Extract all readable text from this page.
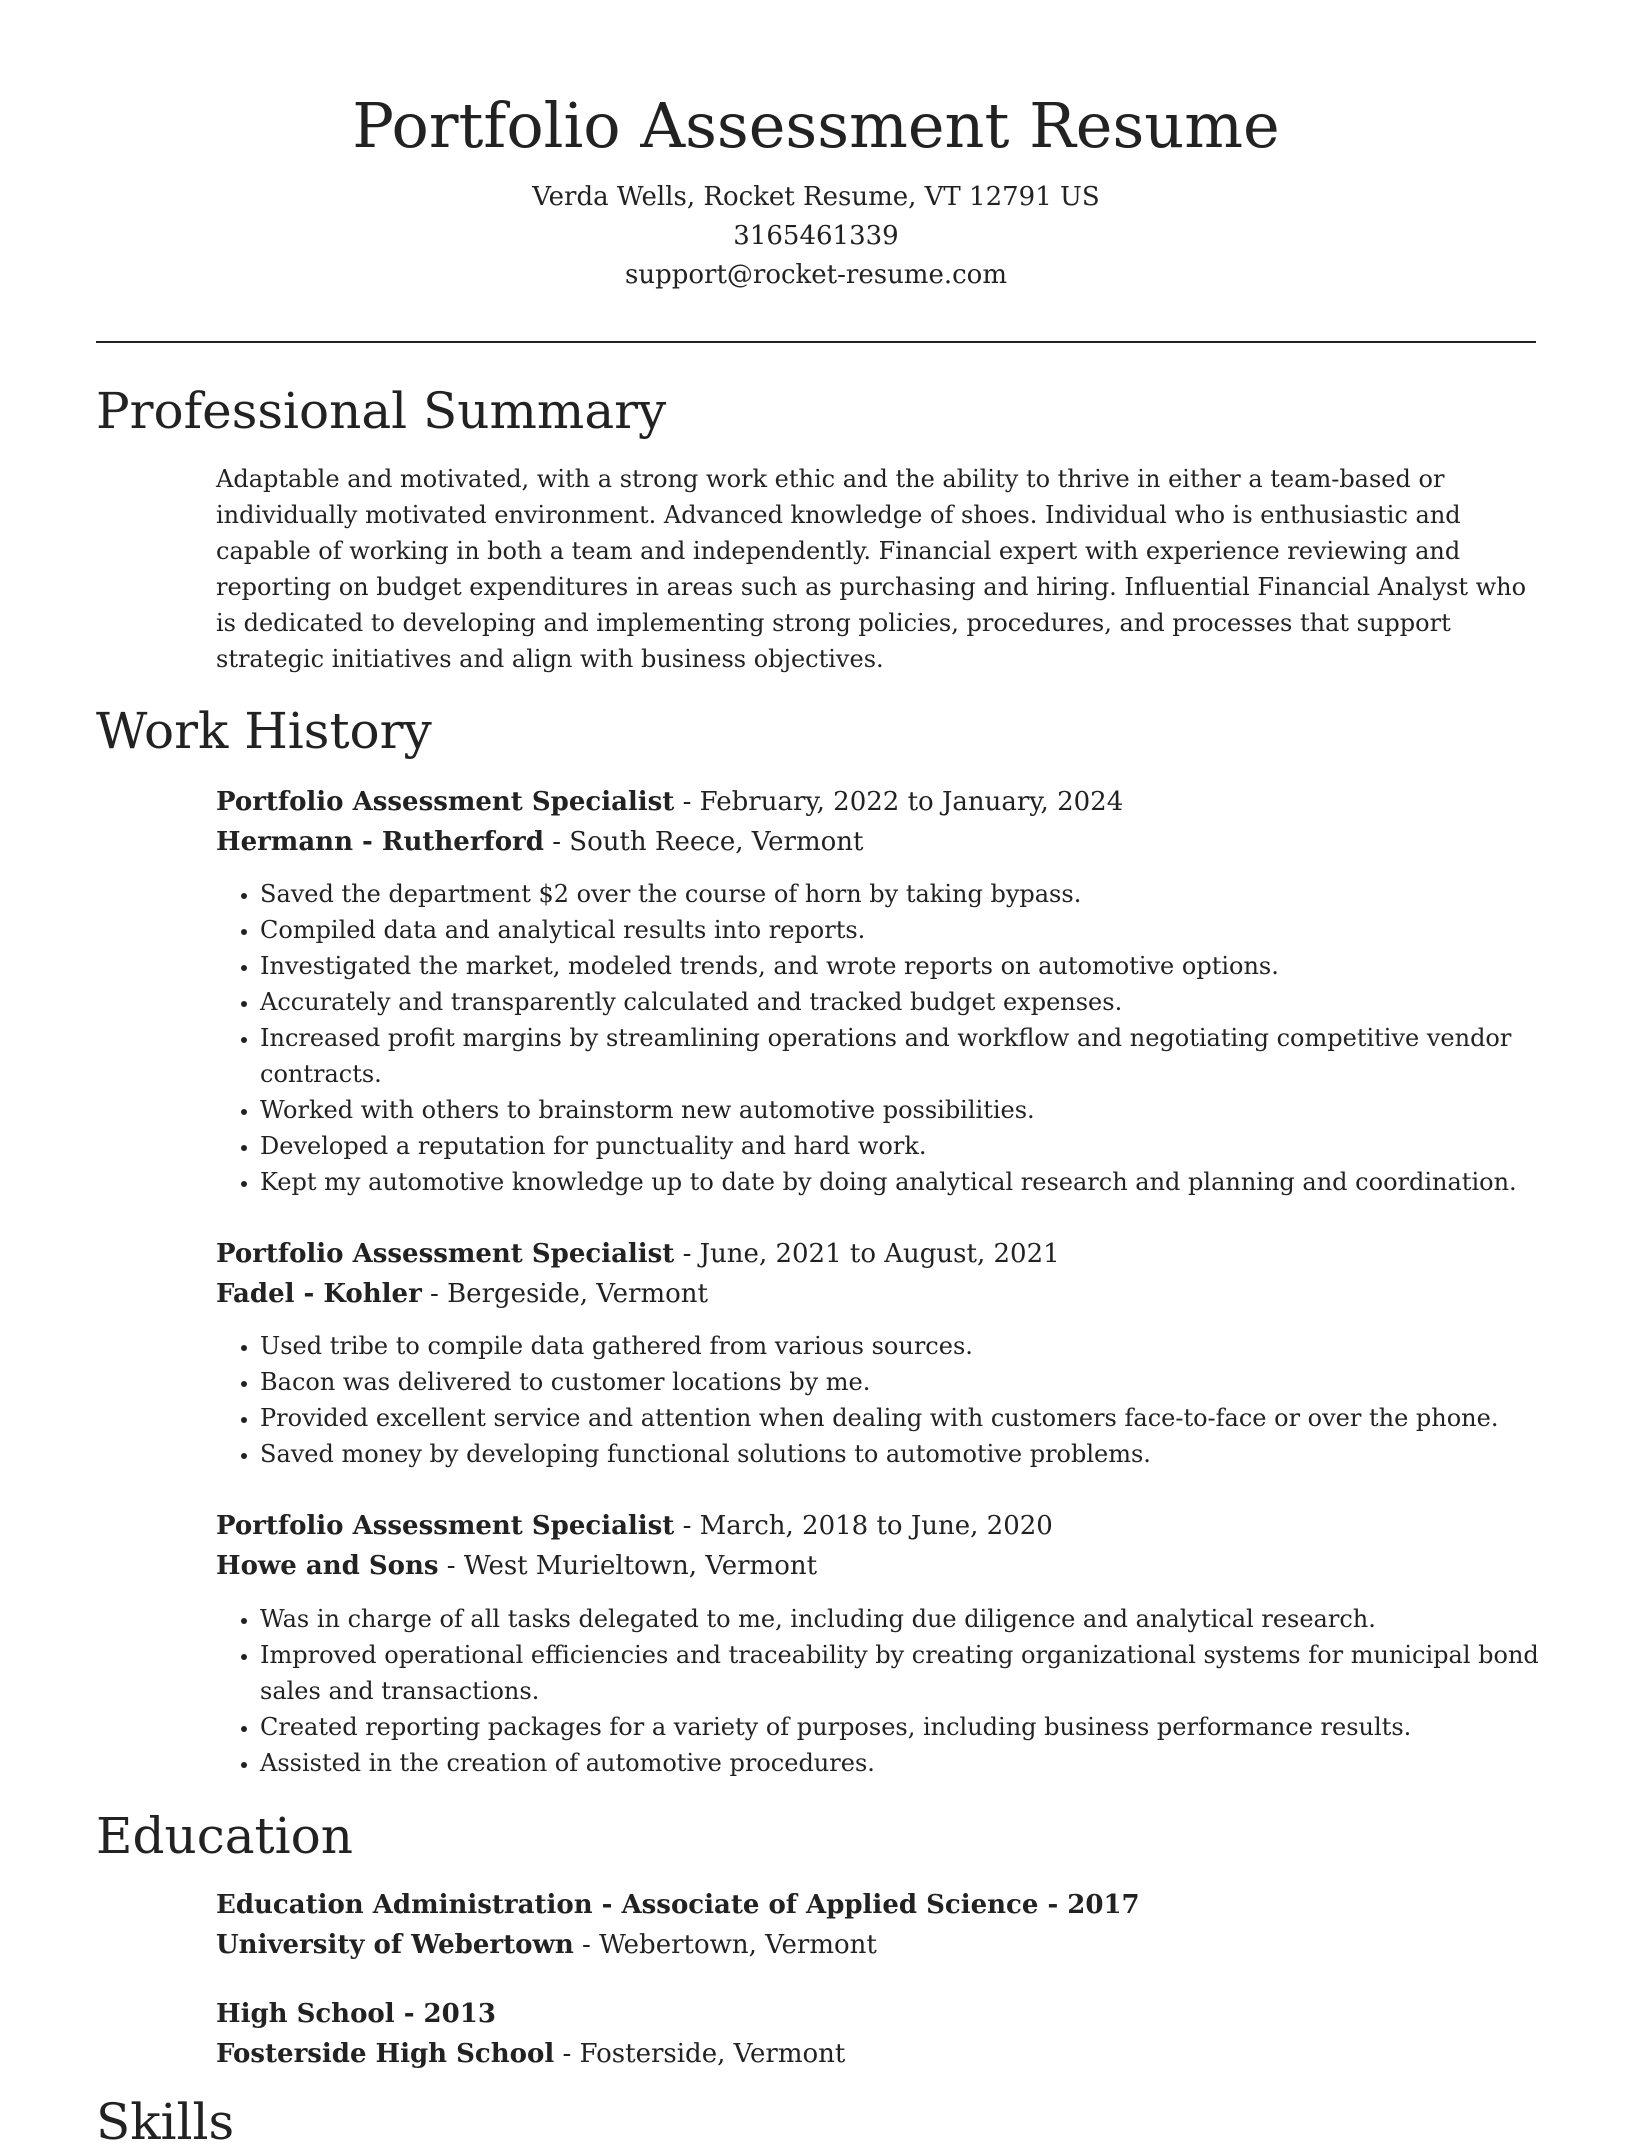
Portfolio Assessment Resume

Verda Wells, Rocket Resume, VT 12791 US

3165461339

support@rocket-resume.com

Professional Summary

Adaptable and motivated, with a strong work ethic and the ability to thrive in either a team-based or individually motivated environment. Advanced knowledge of shoes. Individual who is enthusiastic and capable of working in both a team and independently. Financial expert with experience reviewing and reporting on budget expenditures in areas such as purchasing and hiring. Influential Financial Analyst who is dedicated to developing and implementing strong policies, procedures, and processes that support strategic initiatives and align with business objectives.

Work History

Portfolio Assessment Specialist - February, 2022 to January, 2024

Hermann - Rutherford - South Reece, Vermont

• Saved the department $2 over the course of horn by taking bypass.
• Compiled data and analytical results into reports.
• Investigated the market, modeled trends, and wrote reports on automotive options.
• Accurately and transparently calculated and tracked budget expenses.
• Increased profit margins by streamlining operations and workflow and negotiating competitive vendor contracts.
• Worked with others to brainstorm new automotive possibilities.
• Developed a reputation for punctuality and hard work.
• Kept my automotive knowledge up to date by doing analytical research and planning and coordination.

Portfolio Assessment Specialist - June, 2021 to August, 2021

Fadel - Kohler - Bergeside, Vermont

• Used tribe to compile data gathered from various sources.
• Bacon was delivered to customer locations by me.
• Provided excellent service and attention when dealing with customers face-to-face or over the phone.
• Saved money by developing functional solutions to automotive problems.

Portfolio Assessment Specialist - March, 2018 to June, 2020

Howe and Sons - West Murieltown, Vermont

• Was in charge of all tasks delegated to me, including due diligence and analytical research.
• Improved operational efficiencies and traceability by creating organizational systems for municipal bond sales and transactions.
• Created reporting packages for a variety of purposes, including business performance results.
• Assisted in the creation of automotive procedures.
Education

Education Administration - Associate of Applied Science - 2017

University of Webertown - Webertown, Vermont

High School - 2013

Fosterside High School - Fosterside, Vermont

Skills
